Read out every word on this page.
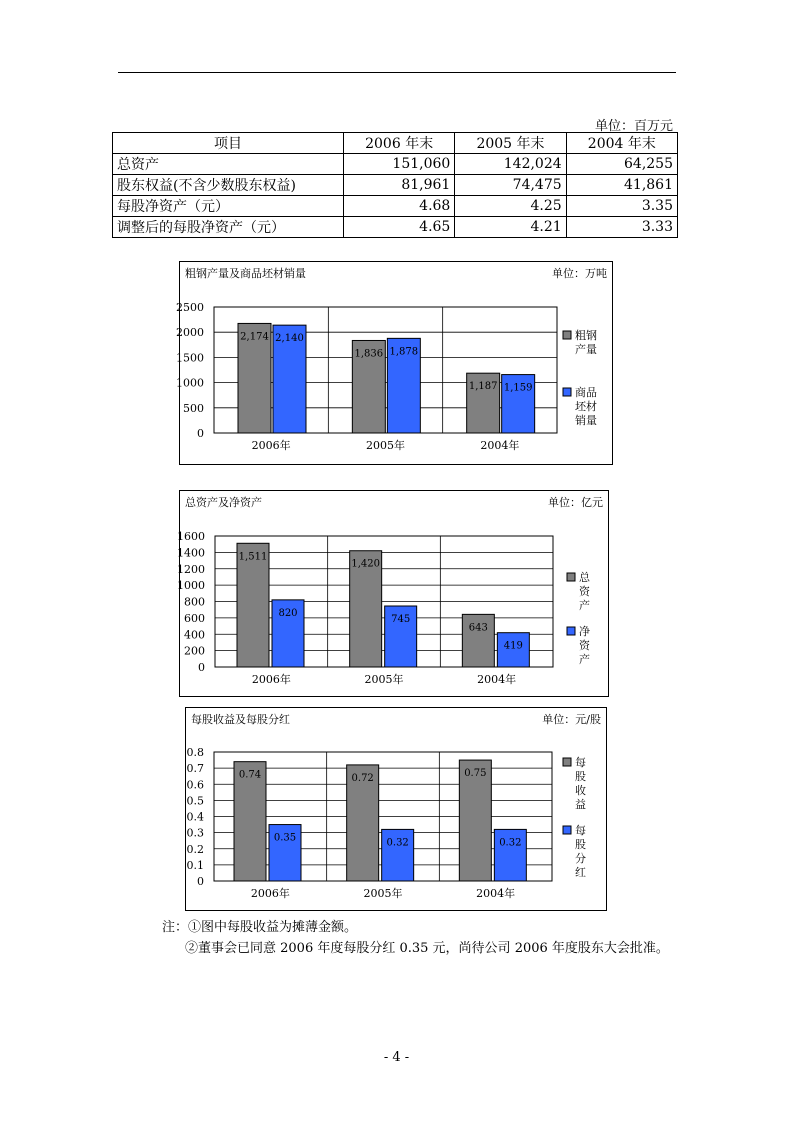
单位：百万元
项目	2006 年末	2005 年末	2004 年末
总资产	151,060	142,024	64,255
股东权益(不含少数股东权益)	81,961	74,475	41,861
每股净资产（元）	4.68	4.25	3.35
调整后的每股净资产（元）	4.65	4.21	3.33
粗钢产量及商品坯材销量	单位：万吨
0
500
1000
1500
2000
2500
2006年
2,174 2,140
2005年
1,836 1,878
2004年
1,187 1,159
粗钢
产量
商品
坯材
销量
总资产及净资产	单位：亿元
0
200
400
600
800
1000
1200
1400
1600
2006年
1,511
820
2005年
1,420
745
2004年
643
419
总
资
产
净
资
产
每股收益及每股分红	单位：元/股
0
0.1
0.2
0.3
0.4
0.5
0.6
0.7
0.8
2006年
0.74
0.35
2005年
0.72
0.32
2004年
0.75
0.32
每
股
收
益
每
股
分
红
注：①图中每股收益为摊薄金额。
②董事会已同意 2006 年度每股分红 0.35 元，尚待公司 2006 年度股东大会批准。
- 4 -
